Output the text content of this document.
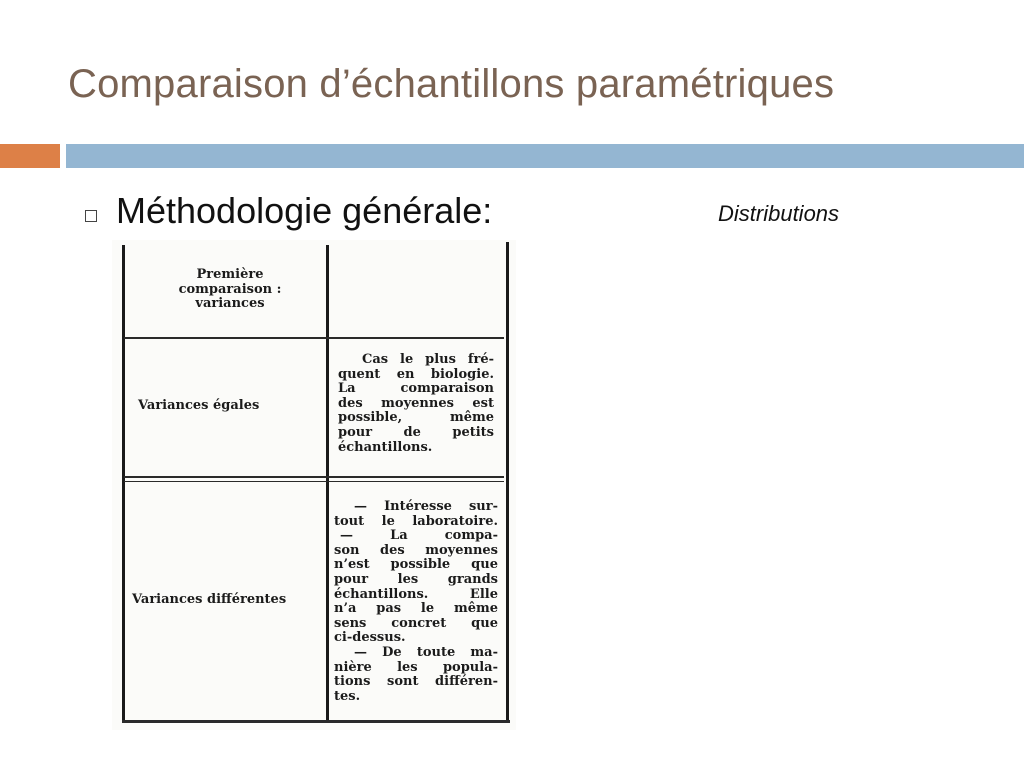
Comparaison d’échantillons paramétriques
Méthodologie générale:	Distributions
Première
comparaison :
variances
Variances égales
Cas le plus fré-
quent en biologie.
La comparaison
des moyennes est
possible, même
pour de petits
échantillons.
Variances différentes
— Intéresse sur-
tout le laboratoire.
— La compa-
son des moyennes
n’est possible que
pour les grands
échantillons. Elle
n’a pas le même
sens concret que
ci-dessus.
— De toute ma-
nière les popula-
tions sont différen-
tes.
